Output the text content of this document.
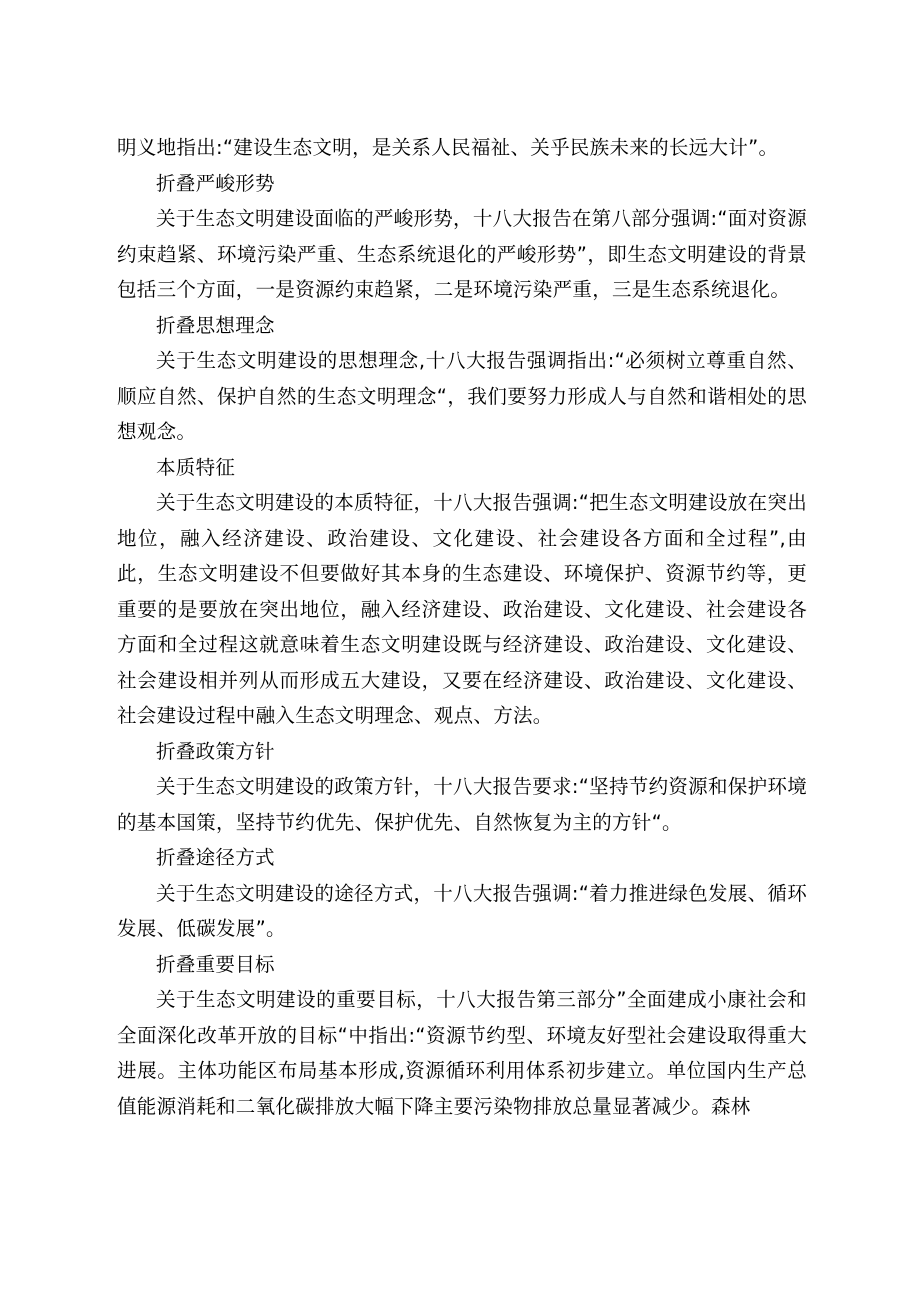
明义地指出:“建设生态文明，是关系人民福祉、关乎民族未来的长远大计”。

折叠严峻形势

关于生态文明建设面临的严峻形势，十八大报告在第八部分强调:“面对资源约束趋紧、环境污染严重、生态系统退化的严峻形势”，即生态文明建设的背景包括三个方面，一是资源约束趋紧，二是环境污染严重，三是生态系统退化。

折叠思想理念

关于生态文明建设的思想理念,十八大报告强调指出:“必须树立尊重自然、顺应自然、保护自然的生态文明理念“，我们要努力形成人与自然和谐相处的思想观念。

本质特征

关于生态文明建设的本质特征，十八大报告强调:“把生态文明建设放在突出地位，融入经济建设、政治建设、文化建设、社会建设各方面和全过程”,由此，生态文明建设不但要做好其本身的生态建设、环境保护、资源节约等，更重要的是要放在突出地位，融入经济建设、政治建设、文化建设、社会建设各方面和全过程这就意味着生态文明建设既与经济建设、政治建设、文化建设、社会建设相并列从而形成五大建设，又要在经济建设、政治建设、文化建设、社会建设过程中融入生态文明理念、观点、方法。

折叠政策方针

关于生态文明建设的政策方针，十八大报告要求:“坚持节约资源和保护环境的基本国策，坚持节约优先、保护优先、自然恢复为主的方针“。

折叠途径方式

关于生态文明建设的途径方式，十八大报告强调:“着力推进绿色发展、循环发展、低碳发展”。

折叠重要目标

关于生态文明建设的重要目标，十八大报告第三部分”全面建成小康社会和全面深化改革开放的目标“中指出:“资源节约型、环境友好型社会建设取得重大进展。主体功能区布局基本形成,资源循环利用体系初步建立。单位国内生产总值能源消耗和二氧化碳排放大幅下降主要污染物排放总量显著减少。森林
